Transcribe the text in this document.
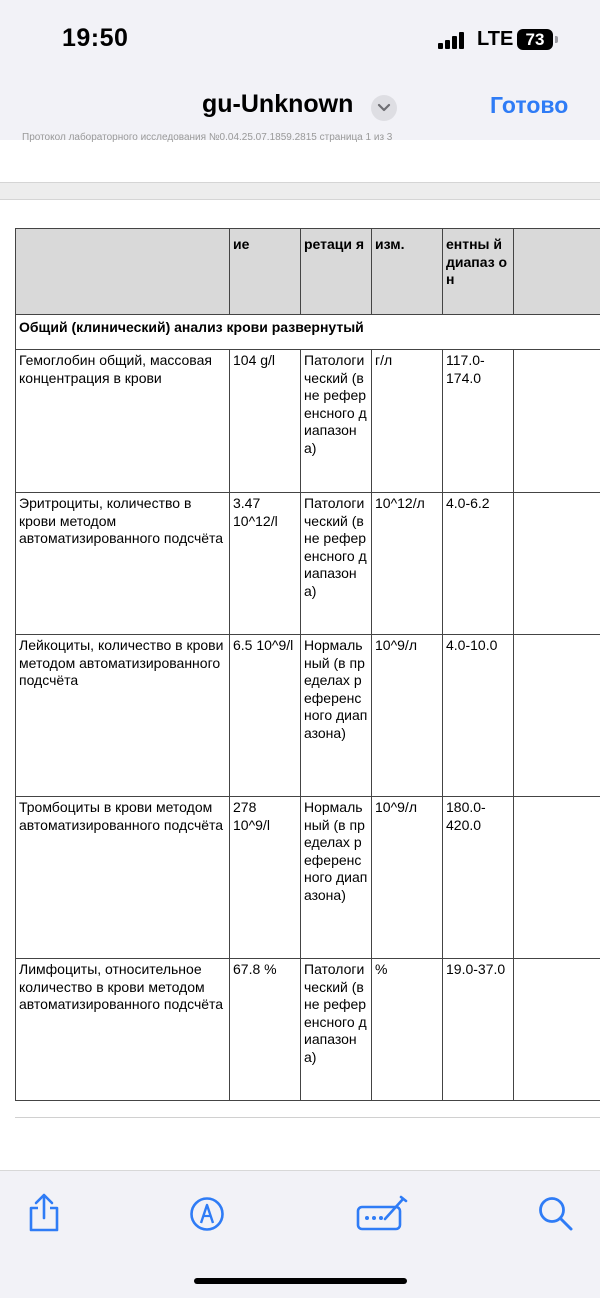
19:50	LTE 73
gu-Unknown	Готово
Протокол лабораторного исследования №0.04.25.07.1859.2815 страница 1 из 3
	ие	ретаци я	изм.	ентны й диапаз он	
Общий (клинический) анализ крови развернутый					
Гемоглобин общий, массовая концентрация в крови	104 g/l	Патологический (вне референсного диапазона)	г/л	117.0-174.0	
Эритроциты, количество в крови методом автоматизированного подсчёта	3.47 10^12/l	Патологический (вне референсного диапазона)	10^12/л	4.0-6.2	
Лейкоциты, количество в крови методом автоматизированного подсчёта	6.5 10^9/l	Нормальный (в пределах референсного диапазона)	10^9/л	4.0-10.0	
Тромбоциты в крови методом автоматизированного подсчёта	278 10^9/l	Нормальный (в пределах референсного диапазона)	10^9/л	180.0-420.0	
Лимфоциты, относительное количество в крови методом автоматизированного подсчёта	67.8 %	Патологический (вне референсного диапазона)	%	19.0-37.0	
